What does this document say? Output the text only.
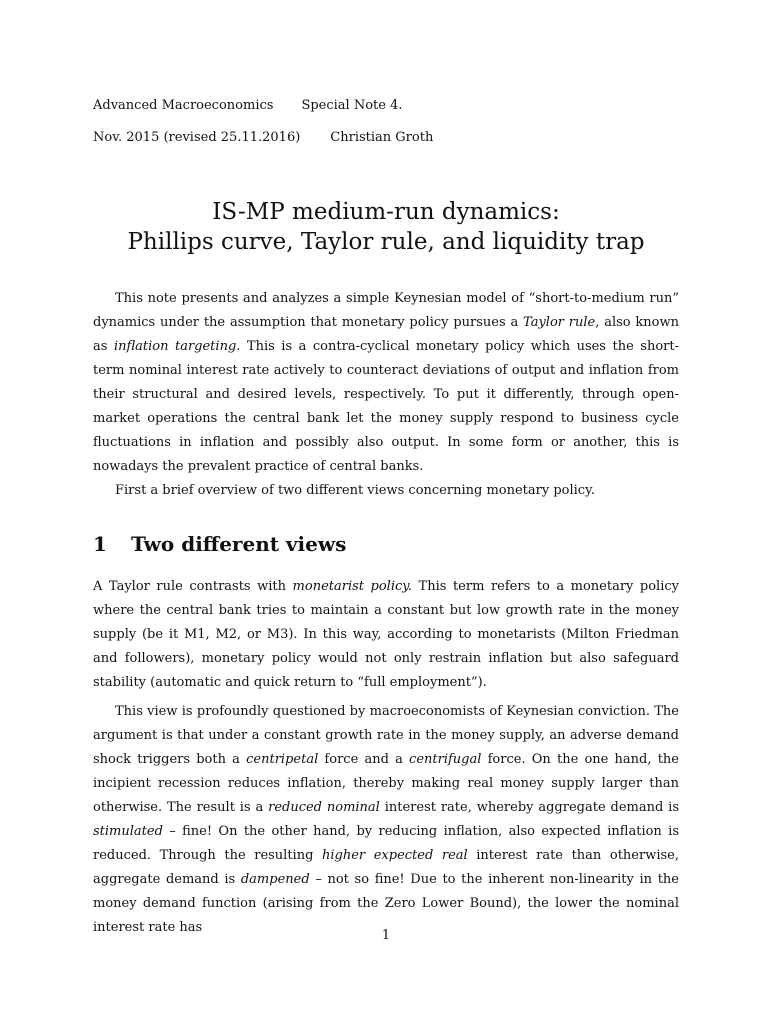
Advanced Macroeconomics Special Note 4.
Nov. 2015 (revised 25.11.2016) Christian Groth
IS-MP medium-run dynamics:
Phillips curve, Taylor rule, and liquidity trap

This note presents and analyzes a simple Keynesian model of “short-to-medium run” dynamics under the assumption that monetary policy pursues a Taylor rule, also known as inflation targeting. This is a contra-cyclical monetary policy which uses the short-term nominal interest rate actively to counteract deviations of output and inflation from their structural and desired levels, respectively. To put it differently, through open-market operations the central bank let the money supply respond to business cycle fluctuations in inflation and possibly also output. In some form or another, this is nowadays the prevalent practice of central banks.

First a brief overview of two different views concerning monetary policy.

1 Two different views

A Taylor rule contrasts with monetarist policy. This term refers to a monetary policy where the central bank tries to maintain a constant but low growth rate in the money supply (be it M1, M2, or M3). In this way, according to monetarists (Milton Friedman and followers), monetary policy would not only restrain inflation but also safeguard stability (automatic and quick return to “full employment”).

This view is profoundly questioned by macroeconomists of Keynesian conviction. The argument is that under a constant growth rate in the money supply, an adverse demand shock triggers both a centripetal force and a centrifugal force. On the one hand, the incipient recession reduces inflation, thereby making real money supply larger than otherwise. The result is a reduced nominal interest rate, whereby aggregate demand is stimulated – fine! On the other hand, by reducing inflation, also expected inflation is reduced. Through the resulting higher expected real interest rate than otherwise, aggregate demand is dampened – not so fine! Due to the inherent non-linearity in the money demand function (arising from the Zero Lower Bound), the lower the nominal interest rate has

1
